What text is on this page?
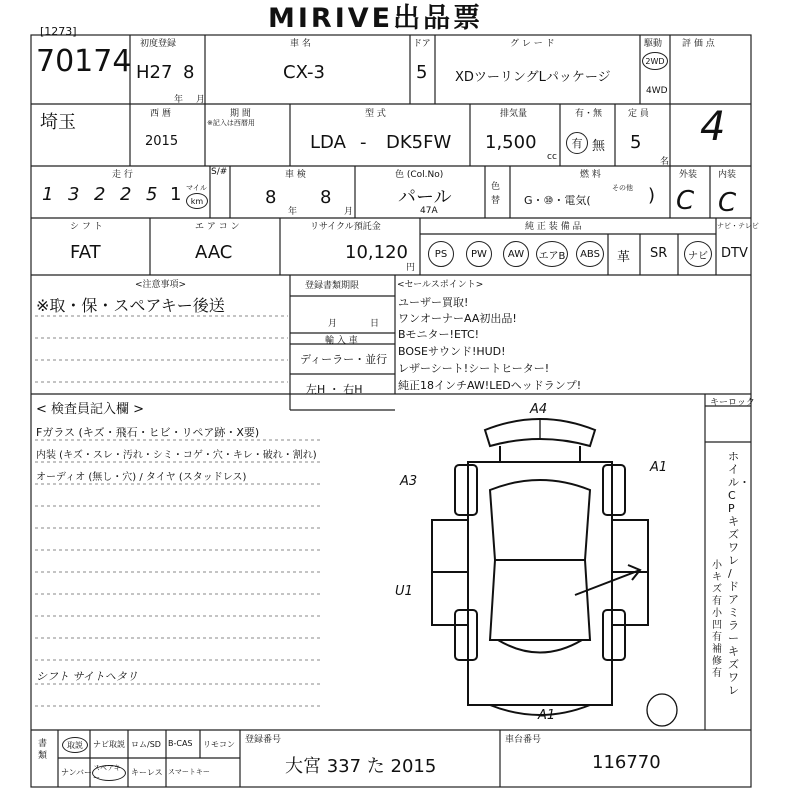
MIRIVE出品票
[1273]
70174
埼玉
初度登録
H27 8
年 月
車 名
CX-3
ドア
5
グ レ ー ド
XDツーリングLパッケージ
駆動
2WD
4WD
評 価 点
4
西 暦
2015
期 間
※記入は西暦用
型 式
LDA - DK5FW
排気量
1,500
cc
有・無
有 無
定 員
5
名
走 行
1 3 2 2 5 1 マイル
km
S/#	車 検
8
年
8
月
色 (Col.No)
パール
47A
色替
燃 料
G・⑩・電気(
その他 )
外装
C
内装
C
シ フ ト
FAT
エ ア コ ン
AAC
リサイクル預託金
10,120
円
純 正 装 備 品	ナビ・テレビ
PS PW AW エアB ABS 革 SR ナビ DTV
<注意事項>
※取・保・スペアキー後送
登録書類期限
月	日
輸 入 車
ディーラー・並行
左H ・ 右H
<セールスポイント>
ユーザー買取!
ワンオーナーAA初出品!
Bモニター!ETC!
BOSEサウンド!HUD!
レザーシート!シートヒーター!
純正18インチAW!LEDヘッドランプ!
< 検査員記入欄 >
Fガラス (キズ・飛石・ヒビ・リペア跡・X要)
内装 (キズ・スレ・汚れ・シミ・コゲ・穴・キレ・破れ・割れ)
オーディオ (無し・穴) / タイヤ (スタッドレス)
シフト サイトヘタリ
キーロック
ホイル・CPキズ ワレ / ドアミラーキズ ワレ
小キズ有 小凹有 補修有
A4
A3
A1
U1
A1
書 類
取説 ナビ取説 ロム/SD B-CAS リモコン
ナンバー スペアキー
キーレス スマートキー
登録番号
大宮 337 た 2015
車台番号
116770
